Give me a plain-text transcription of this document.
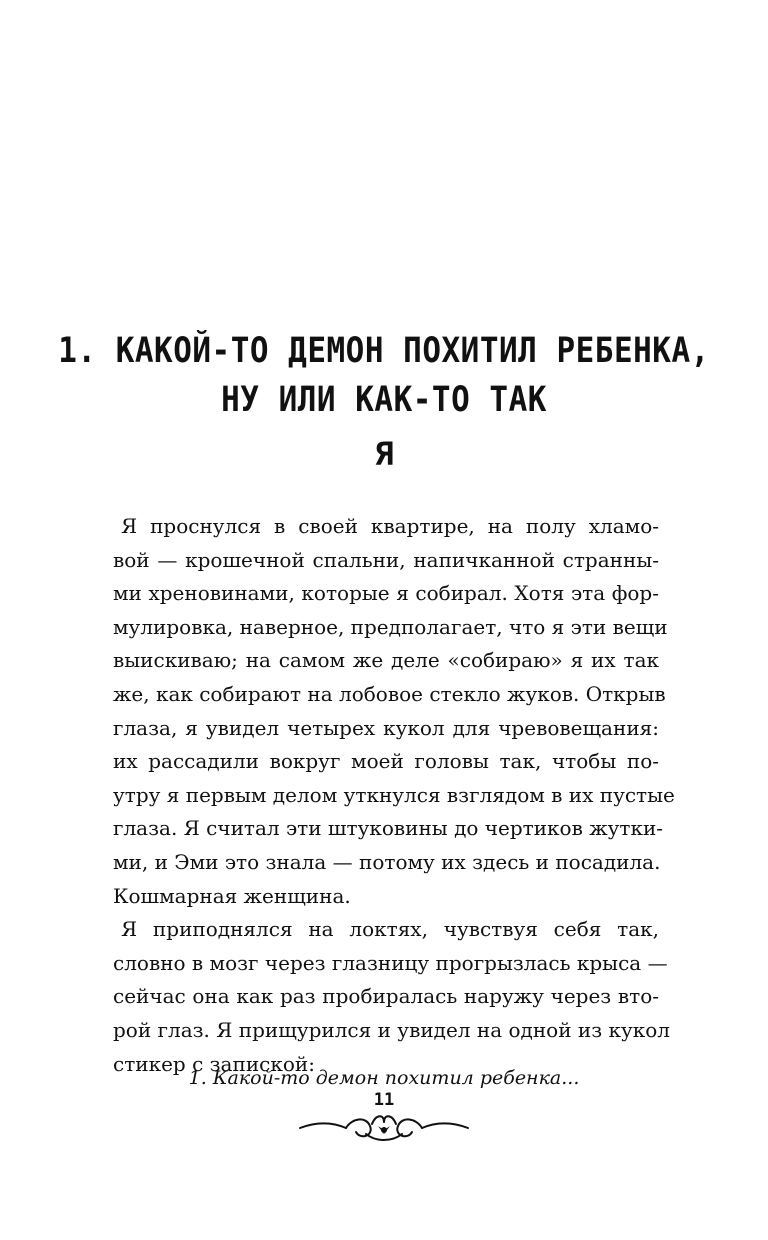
1. КАКОЙ-ТО ДЕМОН ПОХИТИЛ РЕБЕНКА,
НУ ИЛИ КАК-ТО ТАК
Я

Я проснулся в своей квартире, на полу хламо-
вой — крошечной спальни, напичканной странны-
ми хреновинами, которые я собирал. Хотя эта фор-
мулировка, наверное, предполагает, что я эти вещи
выискиваю; на самом же деле «собираю» я их так
же, как собирают на лобовое стекло жуков. Открыв
глаза, я увидел четырех кукол для чревовещания:
их рассадили вокруг моей головы так, чтобы по-
утру я первым делом уткнулся взглядом в их пустые
глаза. Я считал эти штуковины до чертиков жутки-
ми, и Эми это знала — потому их здесь и посадила.
Кошмарная женщина.

Я приподнялся на локтях, чувствуя себя так,
словно в мозг через глазницу прогрызлась крыса —
сейчас она как раз пробиралась наружу через вто-
рой глаз. Я прищурился и увидел на одной из кукол
стикер с запиской:

1. Какой-то демон похитил ребенка...
11
